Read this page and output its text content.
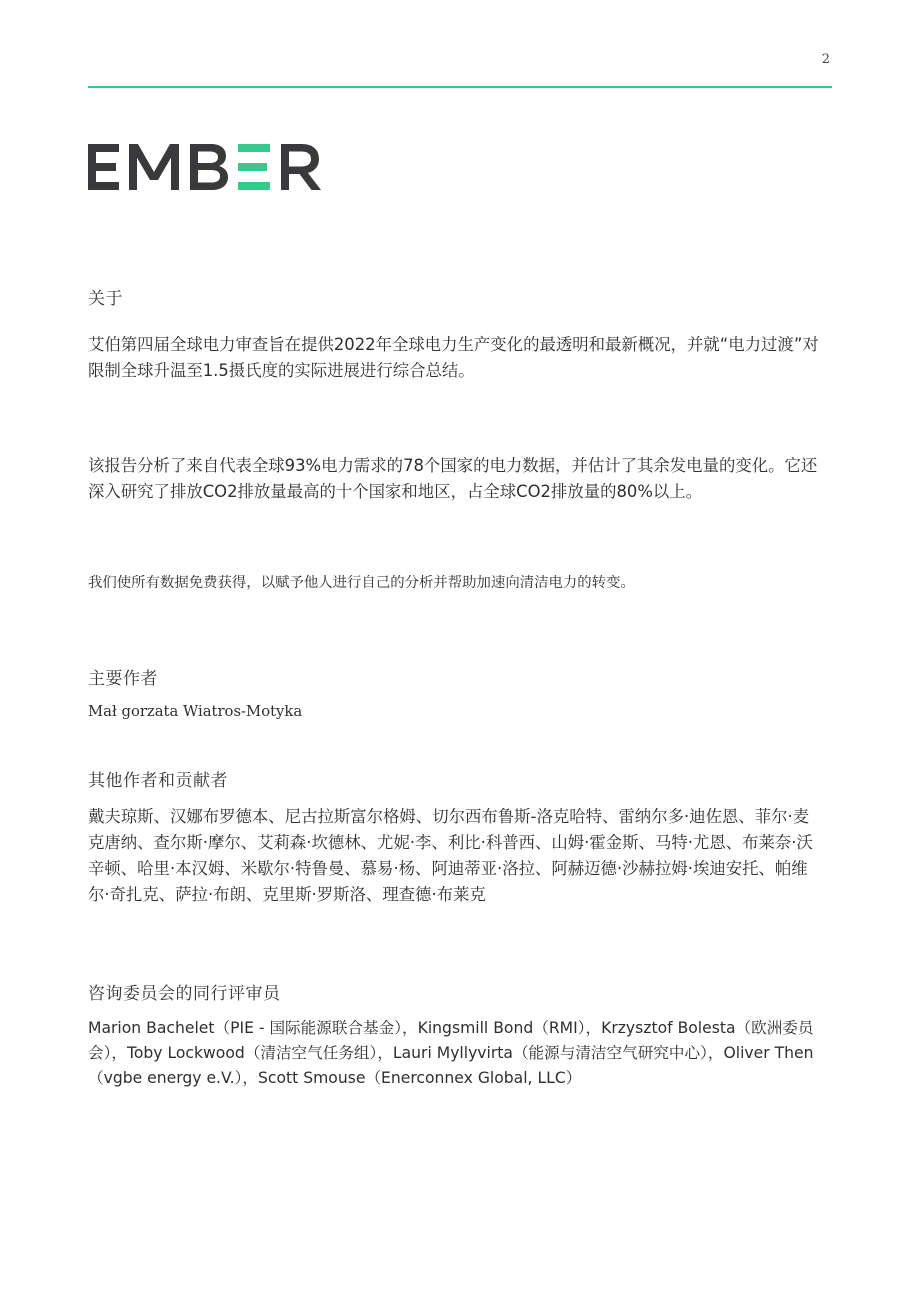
2
关于
艾伯第四届全球电力审查旨在提供2022年全球电力生产变化的最透明和最新概况，并就“电力过渡”对限制全球升温至1.5摄氏度的实际进展进行综合总结。
该报告分析了来自代表全球93%电力需求的78个国家的电力数据，并估计了其余发电量的变化。它还深入研究了排放CO2排放量最高的十个国家和地区，占全球CO2排放量的80%以上。
我们使所有数据免费获得，以赋予他人进行自己的分析并帮助加速向清洁电力的转变。
主要作者
Mał gorzata Wiatros-Motyka
其他作者和贡献者
戴夫琼斯、汉娜布罗德本、尼古拉斯富尔格姆、切尔西布鲁斯-洛克哈特、雷纳尔多·迪佐恩、菲尔·麦克唐纳、查尔斯·摩尔、艾莉森·坎德林、尤妮·李、利比·科普西、山姆·霍金斯、马特·尤恩、布莱奈·沃辛顿、哈里·本汉姆、米歇尔·特鲁曼、慕易·杨、阿迪蒂亚·洛拉、阿赫迈德·沙赫拉姆·埃迪安托、帕维尔·奇扎克、萨拉·布朗、克里斯·罗斯洛、理查德·布莱克
咨询委员会的同行评审员
Marion Bachelet（PIE - 国际能源联合基金），Kingsmill Bond（RMI），Krzysztof Bolesta（欧洲委员会），Toby Lockwood（清洁空气任务组），Lauri Myllyvirta（能源与清洁空气研究中心），Oliver Then（vgbe energy e.V.），Scott Smouse（Enerconnex Global, LLC）
